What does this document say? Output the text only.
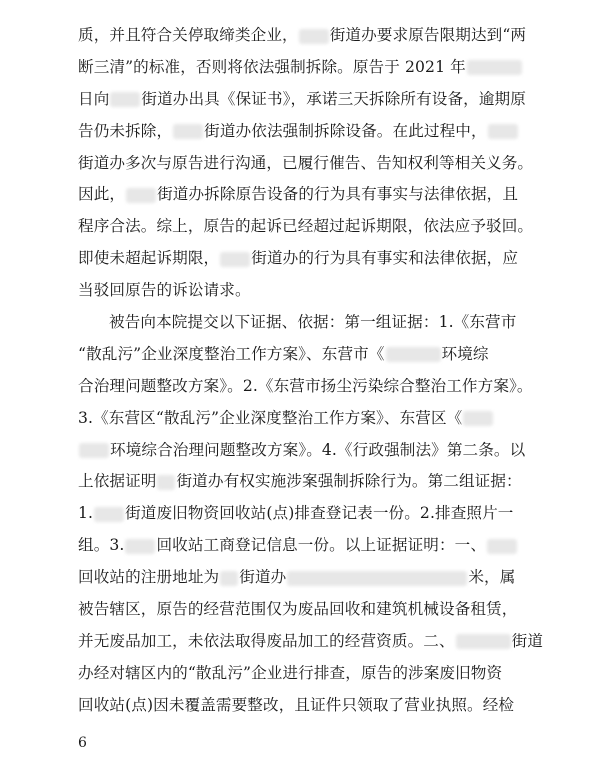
质，并且符合关停取缔类企业， 街道办要求原告限期达到“两
断三清”的标准，否则将依法强制拆除。原告于 2021 年
日向 街道办出具《保证书》，承诺三天拆除所有设备，逾期原
告仍未拆除， 街道办依法强制拆除设备。在此过程中，
街道办多次与原告进行沟通，已履行催告、告知权利等相关义务。
因此， 街道办拆除原告设备的行为具有事实与法律依据，且
程序合法。综上，原告的起诉已经超过起诉期限，依法应予驳回。
即使未超起诉期限， 街道办的行为具有事实和法律依据，应
当驳回原告的诉讼请求。
被告向本院提交以下证据、依据：第一组证据：1.《东营市
“散乱污”企业深度整治工作方案》、东营市《	环境综
合治理问题整改方案》。2.《东营市扬尘污染综合整治工作方案》。
3.《东营区“散乱污”企业深度整治工作方案》、东营区《
环境综合治理问题整改方案》。4.《行政强制法》第二条。以
上依据证明 街道办有权实施涉案强制拆除行为。第二组证据：
1. 街道废旧物资回收站(点)排查登记表一份。2.排查照片一
组。3. 回收站工商登记信息一份。以上证据证明：一、
回收站的注册地址为 街道办	米，属
被告辖区，原告的经营范围仅为废品回收和建筑机械设备租赁，
并无废品加工，未依法取得废品加工的经营资质。二、	街道
办经对辖区内的“散乱污”企业进行排查，原告的涉案废旧物资
回收站(点)因未覆盖需要整改，且证件只领取了营业执照。经检
6
